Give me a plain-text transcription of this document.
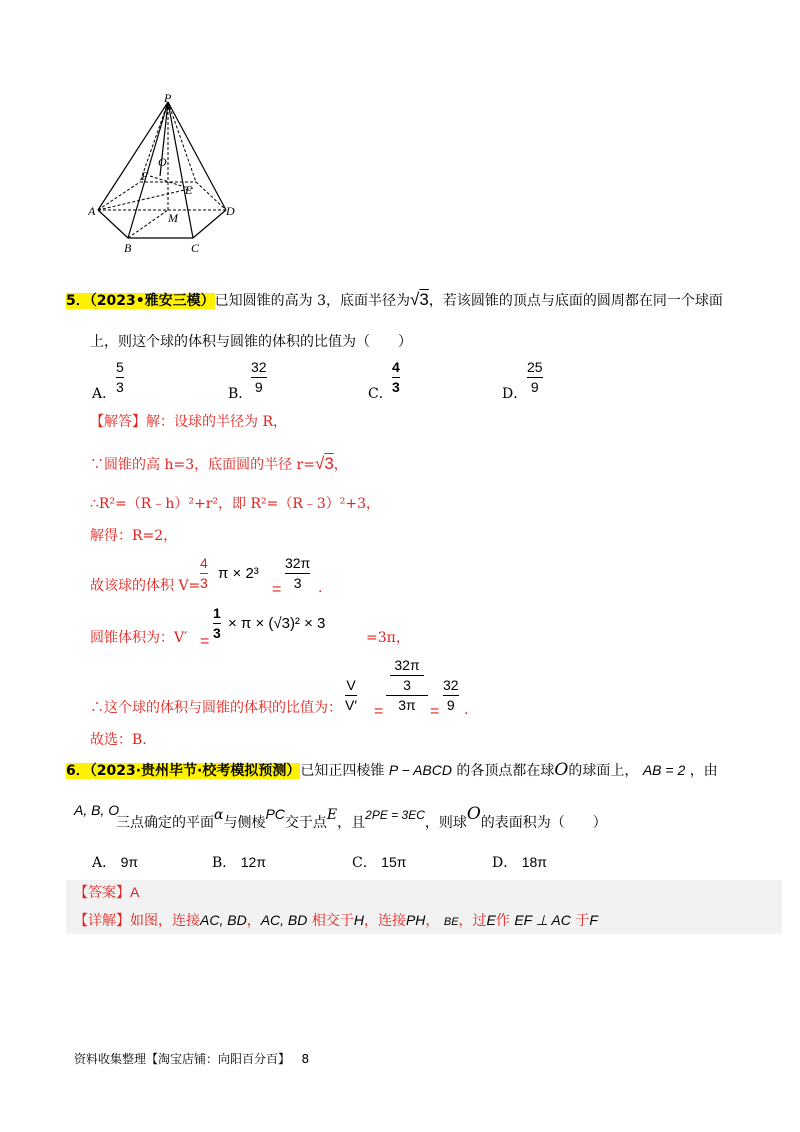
P
O
F
E
A	M	D
B	C
5．（2023•雅安三模）已知圆锥的高为 3，底面半径为√3，若该圆锥的顶点与底面的圆周都在同一个球面
上，则这个球的体积与圆锥的体积的比值为（　　）
A．
5
3	B．
32
9	C．
4
3	D．
25
9
【解答】解：设球的半径为 R，
∵圆锥的高 h=3，底面圆的半径 r=√3，
∴R²=（R﹣h）²+r²，即 R²=（R﹣3）²+3，
解得：R=2，
故该球的体积 V=
4
3
π × 2³
=
32π
3 .
圆锥体积为：V′ =
1
3
× π × (√3)² × 3
=3π，
∴这个球的体积与圆锥的体积的比值为：
V
V′ =
32π
3
3π =
32
9 .
故选：B.
6．（2023·贵州毕节·校考模拟预测）已知正四棱锥 P − ABCD 的各顶点都在球O的球面上， AB = 2 ，由
A, B, O
三点确定的平面α与侧棱PC交于点E，且2PE = 3EC，则球O的表面积为（　　）
A． 9π	B． 12π	C． 15π	D． 18π
【答案】A
【详解】如图，连接AC, BD，AC, BD 相交于H，连接PH， BE，过E作 EF ⊥ AC 于F
资料收集整理【淘宝店铺：向阳百分百】 8
